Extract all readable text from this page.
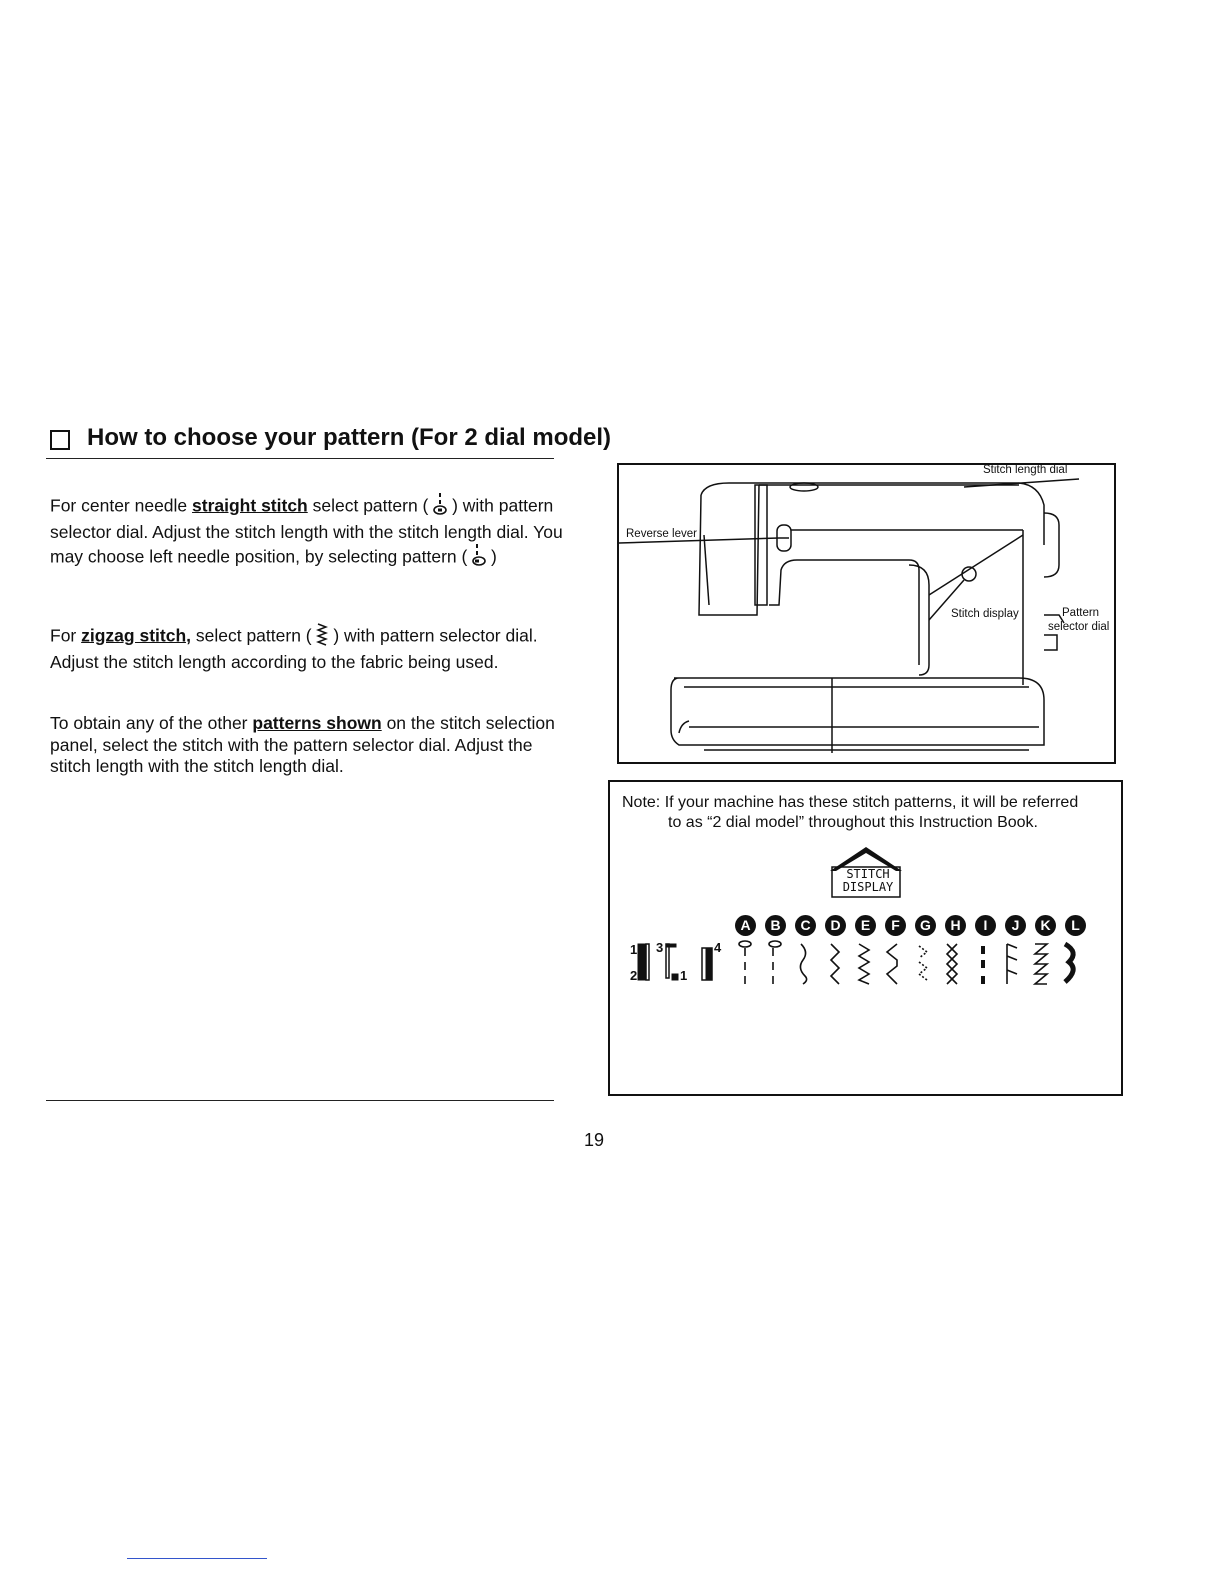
How to choose your pattern (For 2 dial model)
For center needle straight stitch select pattern (  ) with pattern selector dial. Adjust the stitch length with the stitch length dial. You may choose left needle position, by selecting pattern (  )
For zigzag stitch, select pattern (  ) with pattern selector dial. Adjust the stitch length according to the fabric being used.
To obtain any of the other patterns shown on the stitch selection panel, select the stitch with the pattern selector dial. Adjust the stitch length with the stitch length dial.
Stitch length dial
Reverse lever
Stitch display	Pattern
selector dial
Note: If your machine has these stitch patterns, it will be referred
to as “2 dial model” throughout this Instruction Book.
STITCH
DISPLAY
A	B	C	D	E	F	G	H	I	J	K	L
1 3	4
2	1
19
